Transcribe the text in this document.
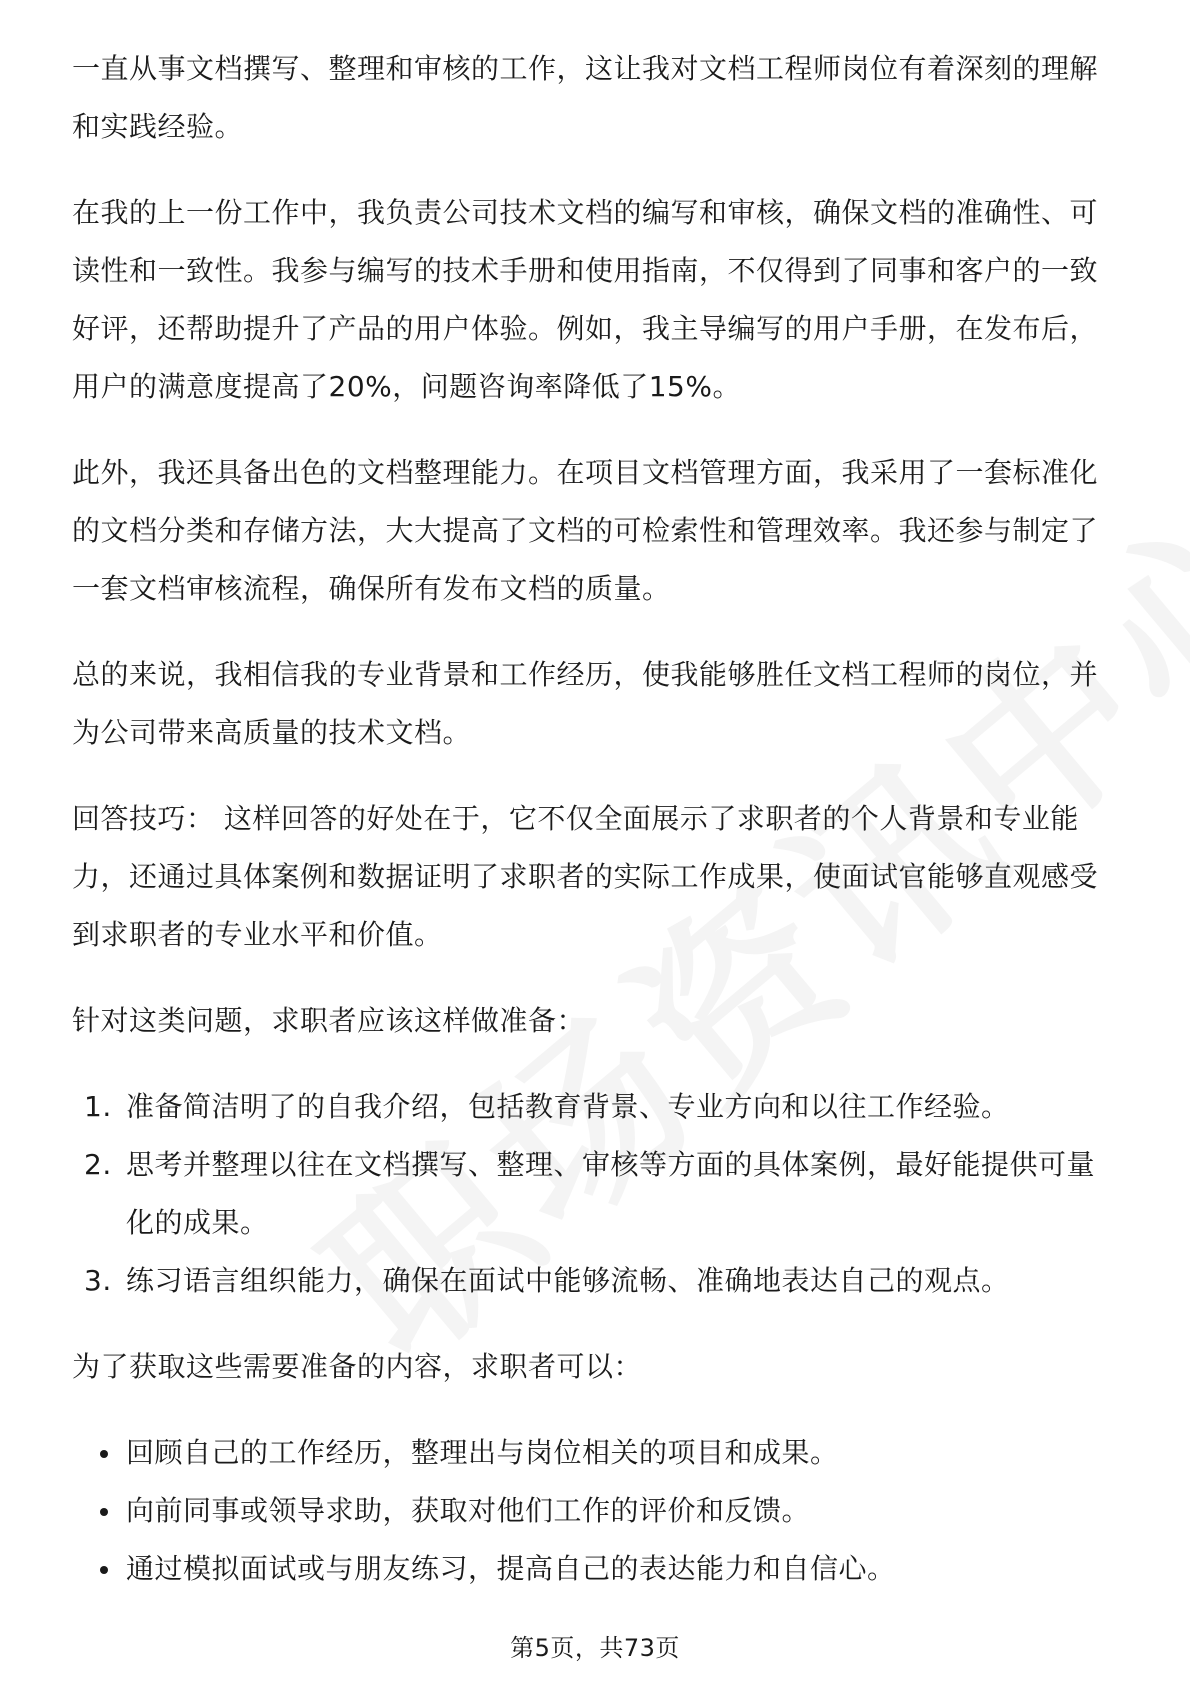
一直从事文档撰写、整理和审核的工作，这让我对文档工程师岗位有着深刻的理解和实践经验。

在我的上一份工作中，我负责公司技术文档的编写和审核，确保文档的准确性、可读性和一致性。我参与编写的技术手册和使用指南，不仅得到了同事和客户的一致好评，还帮助提升了产品的用户体验。例如，我主导编写的用户手册，在发布后，用户的满意度提高了20%，问题咨询率降低了15%。

此外，我还具备出色的文档整理能力。在项目文档管理方面，我采用了一套标准化的文档分类和存储方法，大大提高了文档的可检索性和管理效率。我还参与制定了一套文档审核流程，确保所有发布文档的质量。

总的来说，我相信我的专业背景和工作经历，使我能够胜任文档工程师的岗位，并为公司带来高质量的技术文档。

回答技巧： 这样回答的好处在于，它不仅全面展示了求职者的个人背景和专业能力，还通过具体案例和数据证明了求职者的实际工作成果，使面试官能够直观感受到求职者的专业水平和价值。

针对这类问题，求职者应该这样做准备：

1. 准备简洁明了的自我介绍，包括教育背景、专业方向和以往工作经验。
2. 思考并整理以往在文档撰写、整理、审核等方面的具体案例，最好能提供可量化的成果。
3. 练习语言组织能力，确保在面试中能够流畅、准确地表达自己的观点。

为了获取这些需要准备的内容，求职者可以：

回顾自己的工作经历，整理出与岗位相关的项目和成果。
向前同事或领导求助，获取对他们工作的评价和反馈。
通过模拟面试或与朋友练习，提高自己的表达能力和自信心。
第5页，共73页
